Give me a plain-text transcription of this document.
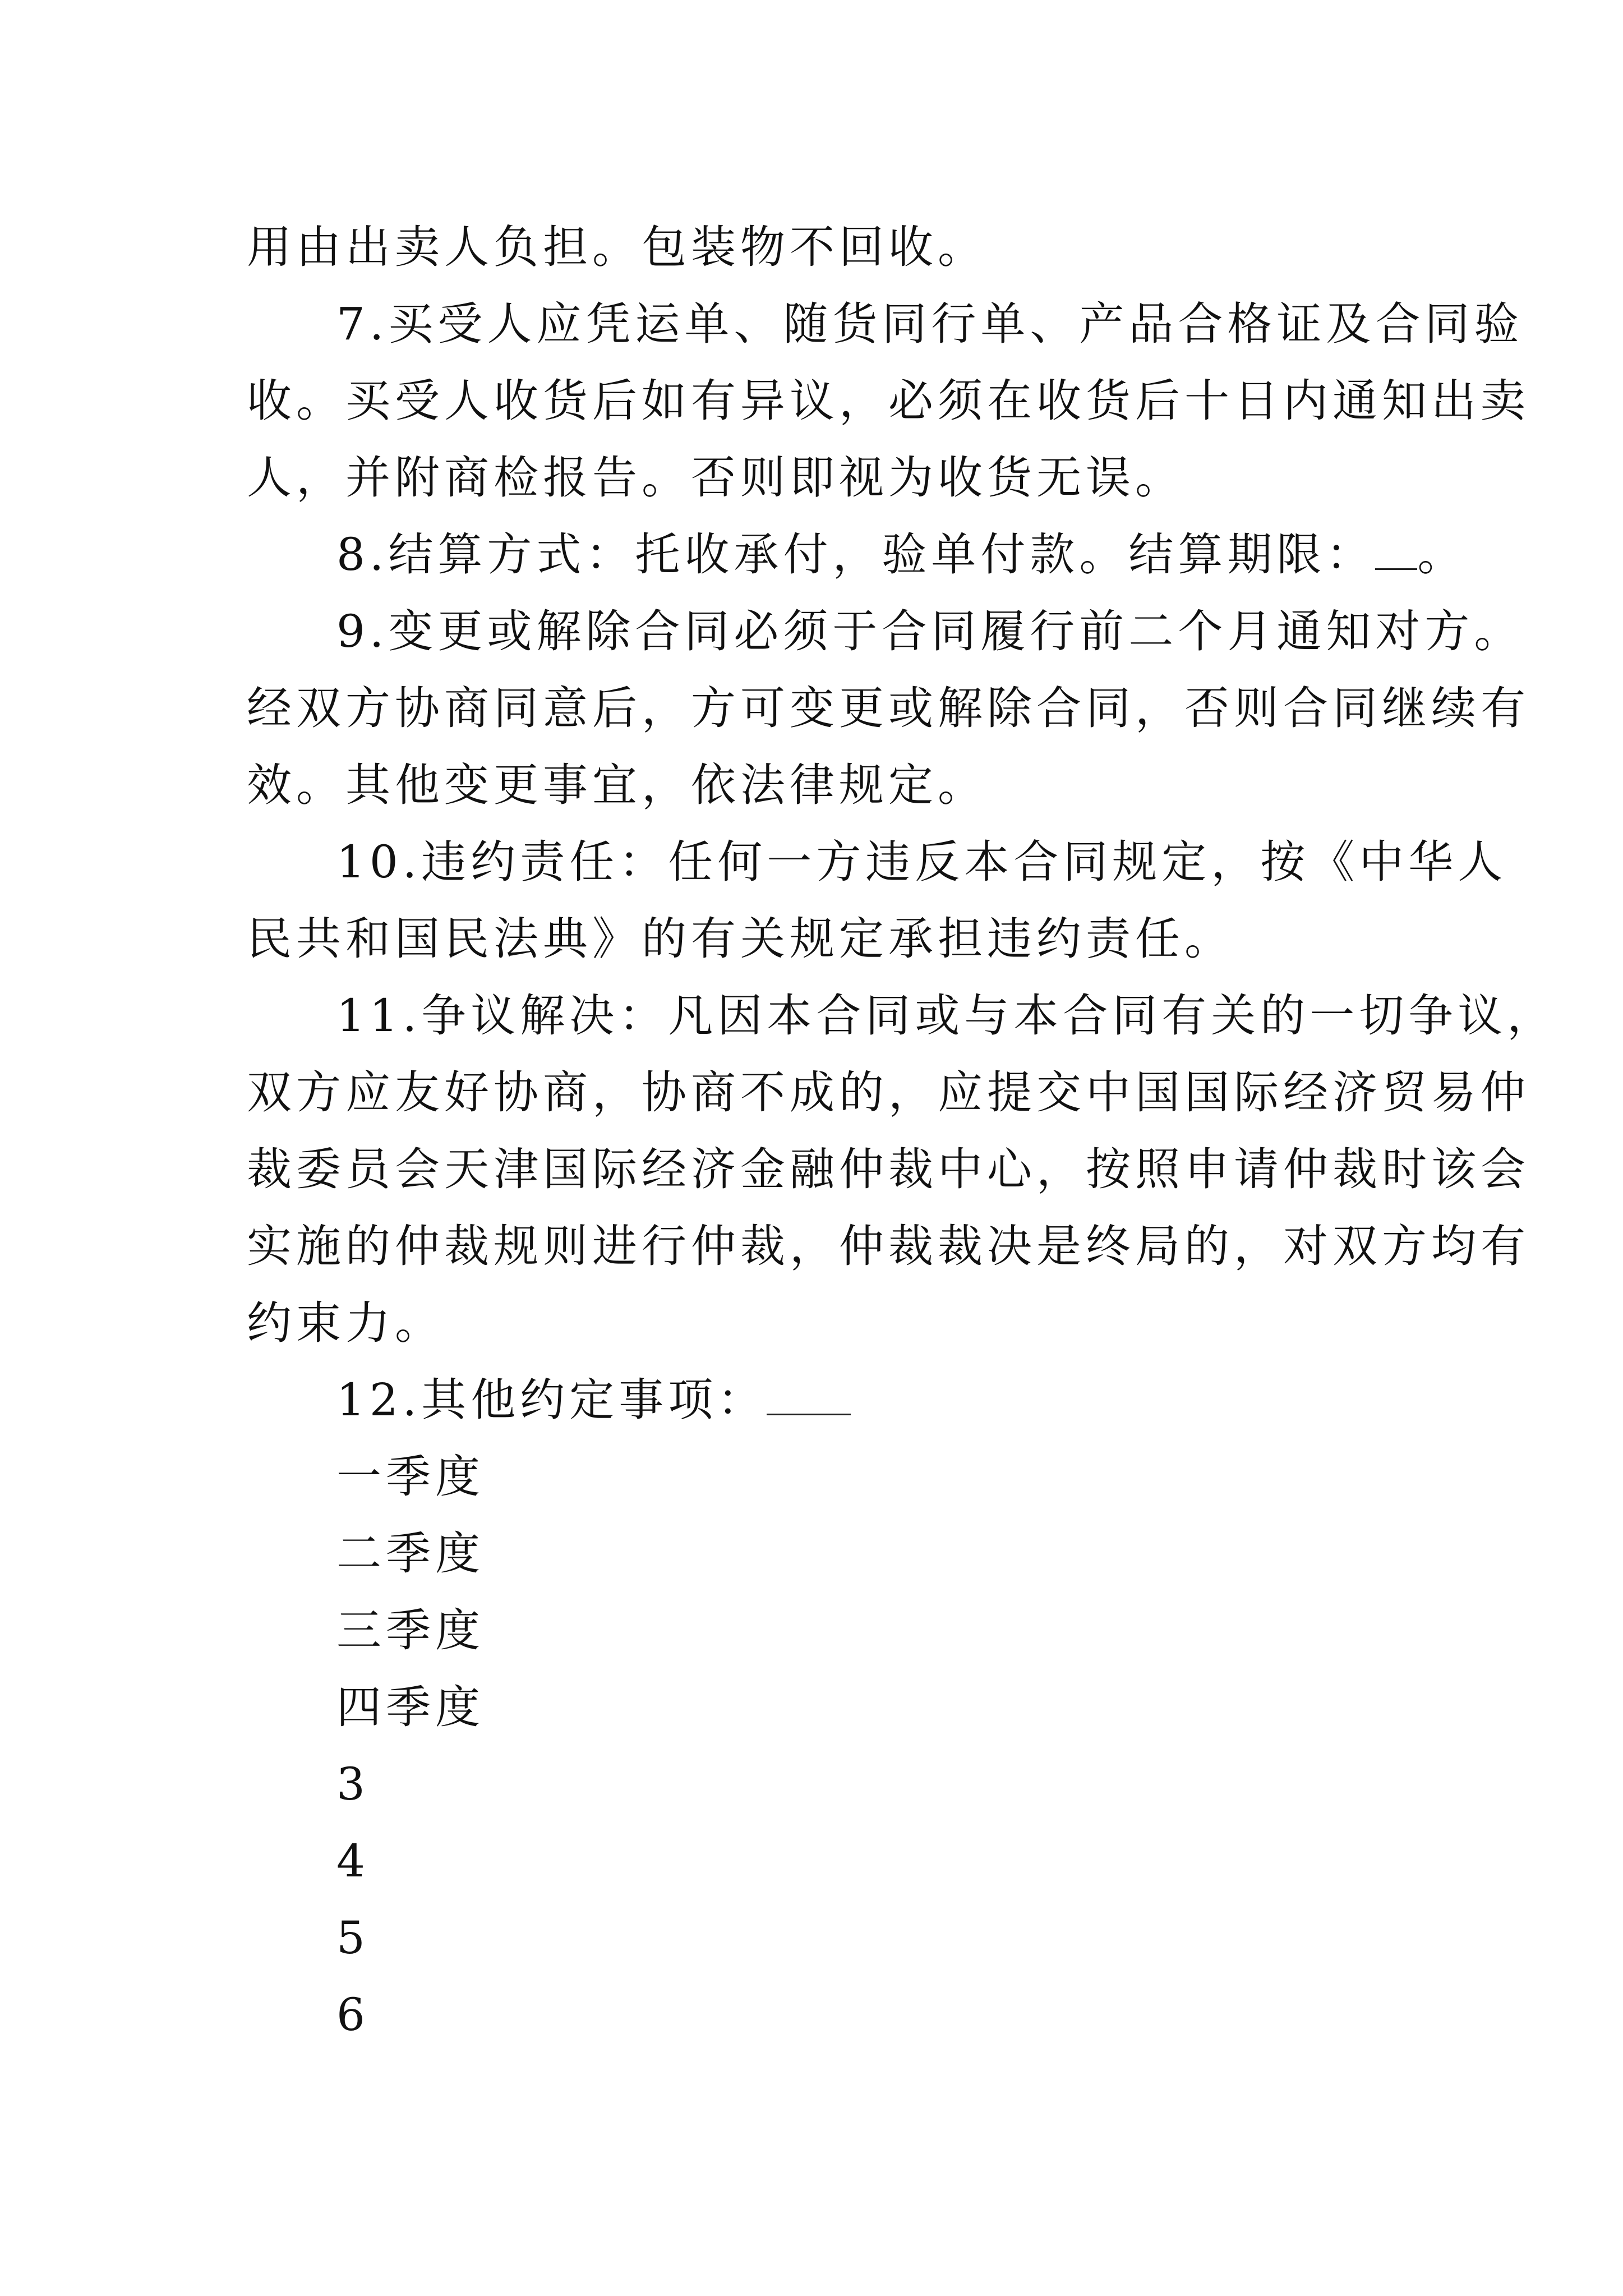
用由出卖人负担。包装物不回收。
7.买受人应凭运单、随货同行单、产品合格证及合同验
收。买受人收货后如有异议，必须在收货后十日内通知出卖
人，并附商检报告。否则即视为收货无误。
8.结算方式：托收承付，验单付款。结算期限： 。
9.变更或解除合同必须于合同履行前二个月通知对方。
经双方协商同意后，方可变更或解除合同，否则合同继续有
效。其他变更事宜，依法律规定。
10.违约责任：任何一方违反本合同规定，按《中华人
民共和国民法典》的有关规定承担违约责任。
11.争议解决：凡因本合同或与本合同有关的一切争议，
双方应友好协商，协商不成的，应提交中国国际经济贸易仲
裁委员会天津国际经济金融仲裁中心，按照申请仲裁时该会
实施的仲裁规则进行仲裁，仲裁裁决是终局的，对双方均有
约束力。
12.其他约定事项：
一季度
二季度
三季度
四季度
3
4
5
6
